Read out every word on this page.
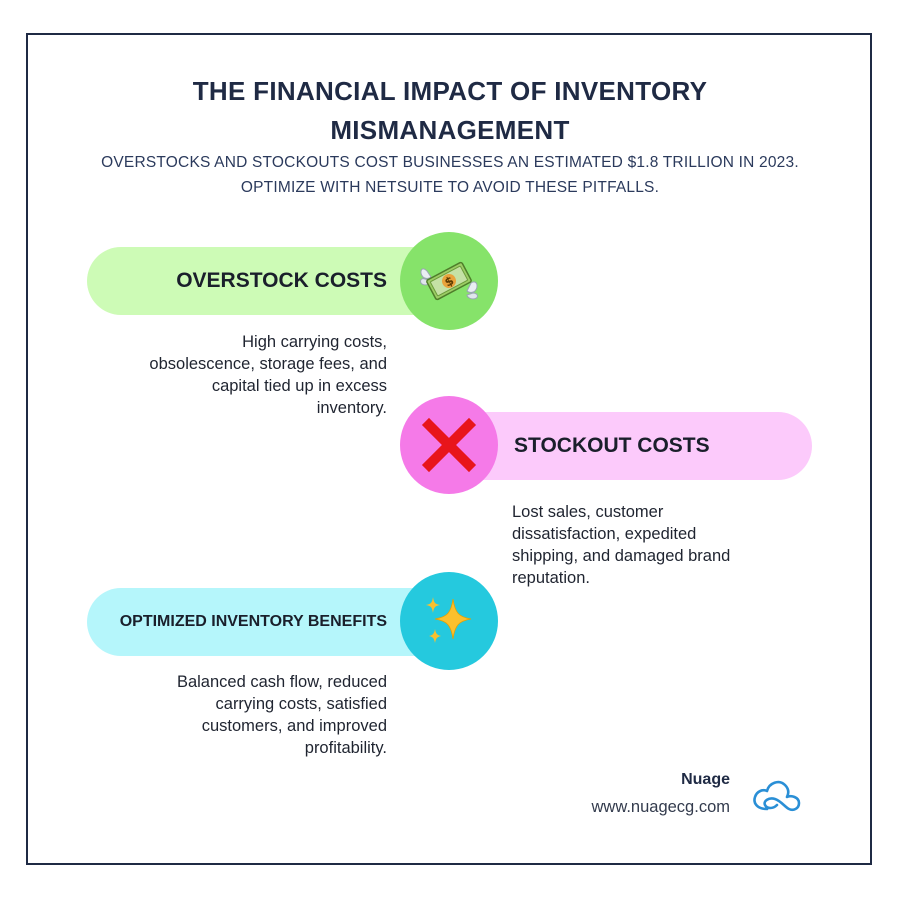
THE FINANCIAL IMPACT OF INVENTORY
MISMANAGEMENT
OVERSTOCKS AND STOCKOUTS COST BUSINESSES AN ESTIMATED $1.8 TRILLION IN 2023.
OPTIMIZE WITH NETSUITE TO AVOID THESE PITFALLS.
OVERSTOCK COSTS	$
High carrying costs,
obsolescence, storage fees, and
capital tied up in excess
inventory.
STOCKOUT COSTS
Lost sales, customer
dissatisfaction, expedited
shipping, and damaged brand
reputation.
OPTIMIZED INVENTORY BENEFITS
Balanced cash flow, reduced
carrying costs, satisfied
customers, and improved
profitability.
Nuage
www.nuagecg.com
